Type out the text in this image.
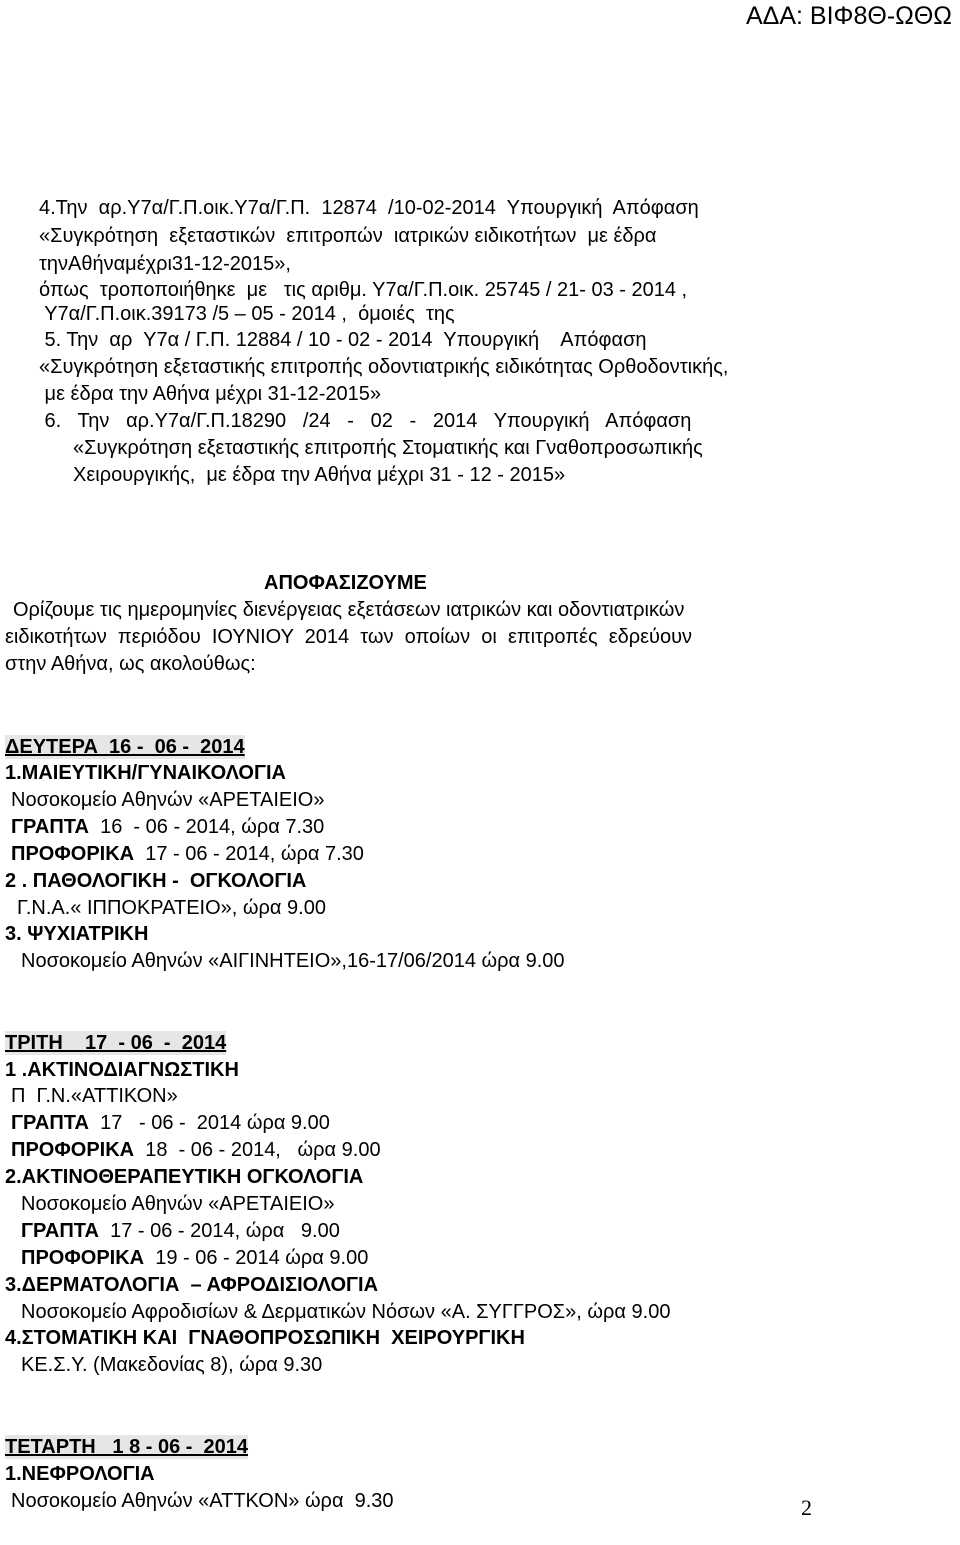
ΑΔΑ: ΒΙΦ8Θ-ΩΘΩ
4.Την  αρ.Υ7α/Γ.Π.οικ.Υ7α/Γ.Π.  12874  /10-02-2014  Υπουργική  Απόφαση
«Συγκρότηση  εξεταστικών  επιτροπών  ιατρικών ειδικοτήτων  με έδρα
τηνΑθήναμέχρι31-12-2015»,
όπως  τροποποιήθηκε  με   τις αριθμ. Υ7α/Γ.Π.οικ. 25745 / 21- 03 - 2014 ,
Υ7α/Γ.Π.οικ.39173 /5 – 05 - 2014 ,  όμοιές  της
5. Την  αρ  Υ7α / Γ.Π. 12884 / 10 - 02 - 2014  Υπουργική    Απόφαση
«Συγκρότηση εξεταστικής επιτροπής οδοντιατρικής ειδικότητας Ορθοδοντικής,
με έδρα την Αθήνα μέχρι 31-12-2015»
6.   Την   αρ.Υ7α/Γ.Π.18290   /24   -   02   -   2014   Υπουργική   Απόφαση
«Συγκρότηση εξεταστικής επιτροπής Στοματικής και Γναθοπροσωπικής
Χειρουργικής,  με έδρα την Αθήνα μέχρι 31 - 12 - 2015»
ΑΠΟΦΑΣΙΖΟΥΜΕ
Ορίζουμε τις ημερομηνίες διενέργειας εξετάσεων ιατρικών και οδοντιατρικών
ειδικοτήτων  περιόδου  ΙΟΥΝΙΟΥ  2014  των  οποίων  οι  επιτροπές  εδρεύουν
στην Αθήνα, ως ακολούθως:
ΔΕΥΤΕΡΑ  16 -  06 -  2014
1.ΜΑΙΕΥΤΙΚΗ/ΓΥΝΑΙΚΟΛΟΓΙΑ
Νοσοκομείο Αθηνών «ΑΡΕΤΑΙΕΙΟ»
ΓΡΑΠΤΑ  16  - 06 - 2014, ώρα 7.30
ΠΡΟΦΟΡΙΚΑ  17 - 06 - 2014, ώρα 7.30
2 . ΠΑΘΟΛΟΓΙΚΗ -  ΟΓΚΟΛΟΓΙΑ
Γ.Ν.Α.« ΙΠΠΟΚΡΑΤΕΙΟ», ώρα 9.00
3. ΨΥΧΙΑΤΡΙΚΗ
Νοσοκομείο Αθηνών «ΑΙΓΙΝΗΤΕΙΟ»,16-17/06/2014 ώρα 9.00
ΤΡΙΤΗ    17  - 06  -  2014
1 .ΑΚΤΙΝΟΔΙΑΓΝΩΣΤΙΚΗ
Π  Γ.Ν.«ΑΤΤΙΚΟΝ»
ΓΡΑΠΤΑ  17   - 06 -  2014 ώρα 9.00
ΠΡΟΦΟΡΙΚΑ  18  - 06 - 2014,   ώρα 9.00
2.ΑΚΤΙΝΟΘΕΡΑΠΕΥΤΙΚΗ ΟΓΚΟΛΟΓΙΑ
Νοσοκομείο Αθηνών «ΑΡΕΤΑΙΕΙΟ»
ΓΡΑΠΤΑ  17 - 06 - 2014, ώρα   9.00
ΠΡΟΦΟΡΙΚΑ  19 - 06 - 2014 ώρα 9.00
3.ΔΕΡΜΑΤΟΛΟΓΙΑ  – ΑΦΡΟΔΙΣΙΟΛΟΓΙΑ
Νοσοκομείο Αφροδισίων & Δερματικών Νόσων «Α. ΣΥΓΓΡΟΣ», ώρα 9.00
4.ΣΤΟΜΑΤΙΚΗ ΚΑΙ  ΓΝΑΘΟΠΡΟΣΩΠΙΚΗ  ΧΕΙΡΟΥΡΓΙΚΗ
ΚΕ.Σ.Υ. (Μακεδονίας 8), ώρα 9.30
ΤΕΤΑΡΤΗ   1 8 - 06 -  2014
1.ΝΕΦΡΟΛΟΓΙΑ
Νοσοκομείο Αθηνών «ΑΤΤΚΟΝ» ώρα  9.30	2
